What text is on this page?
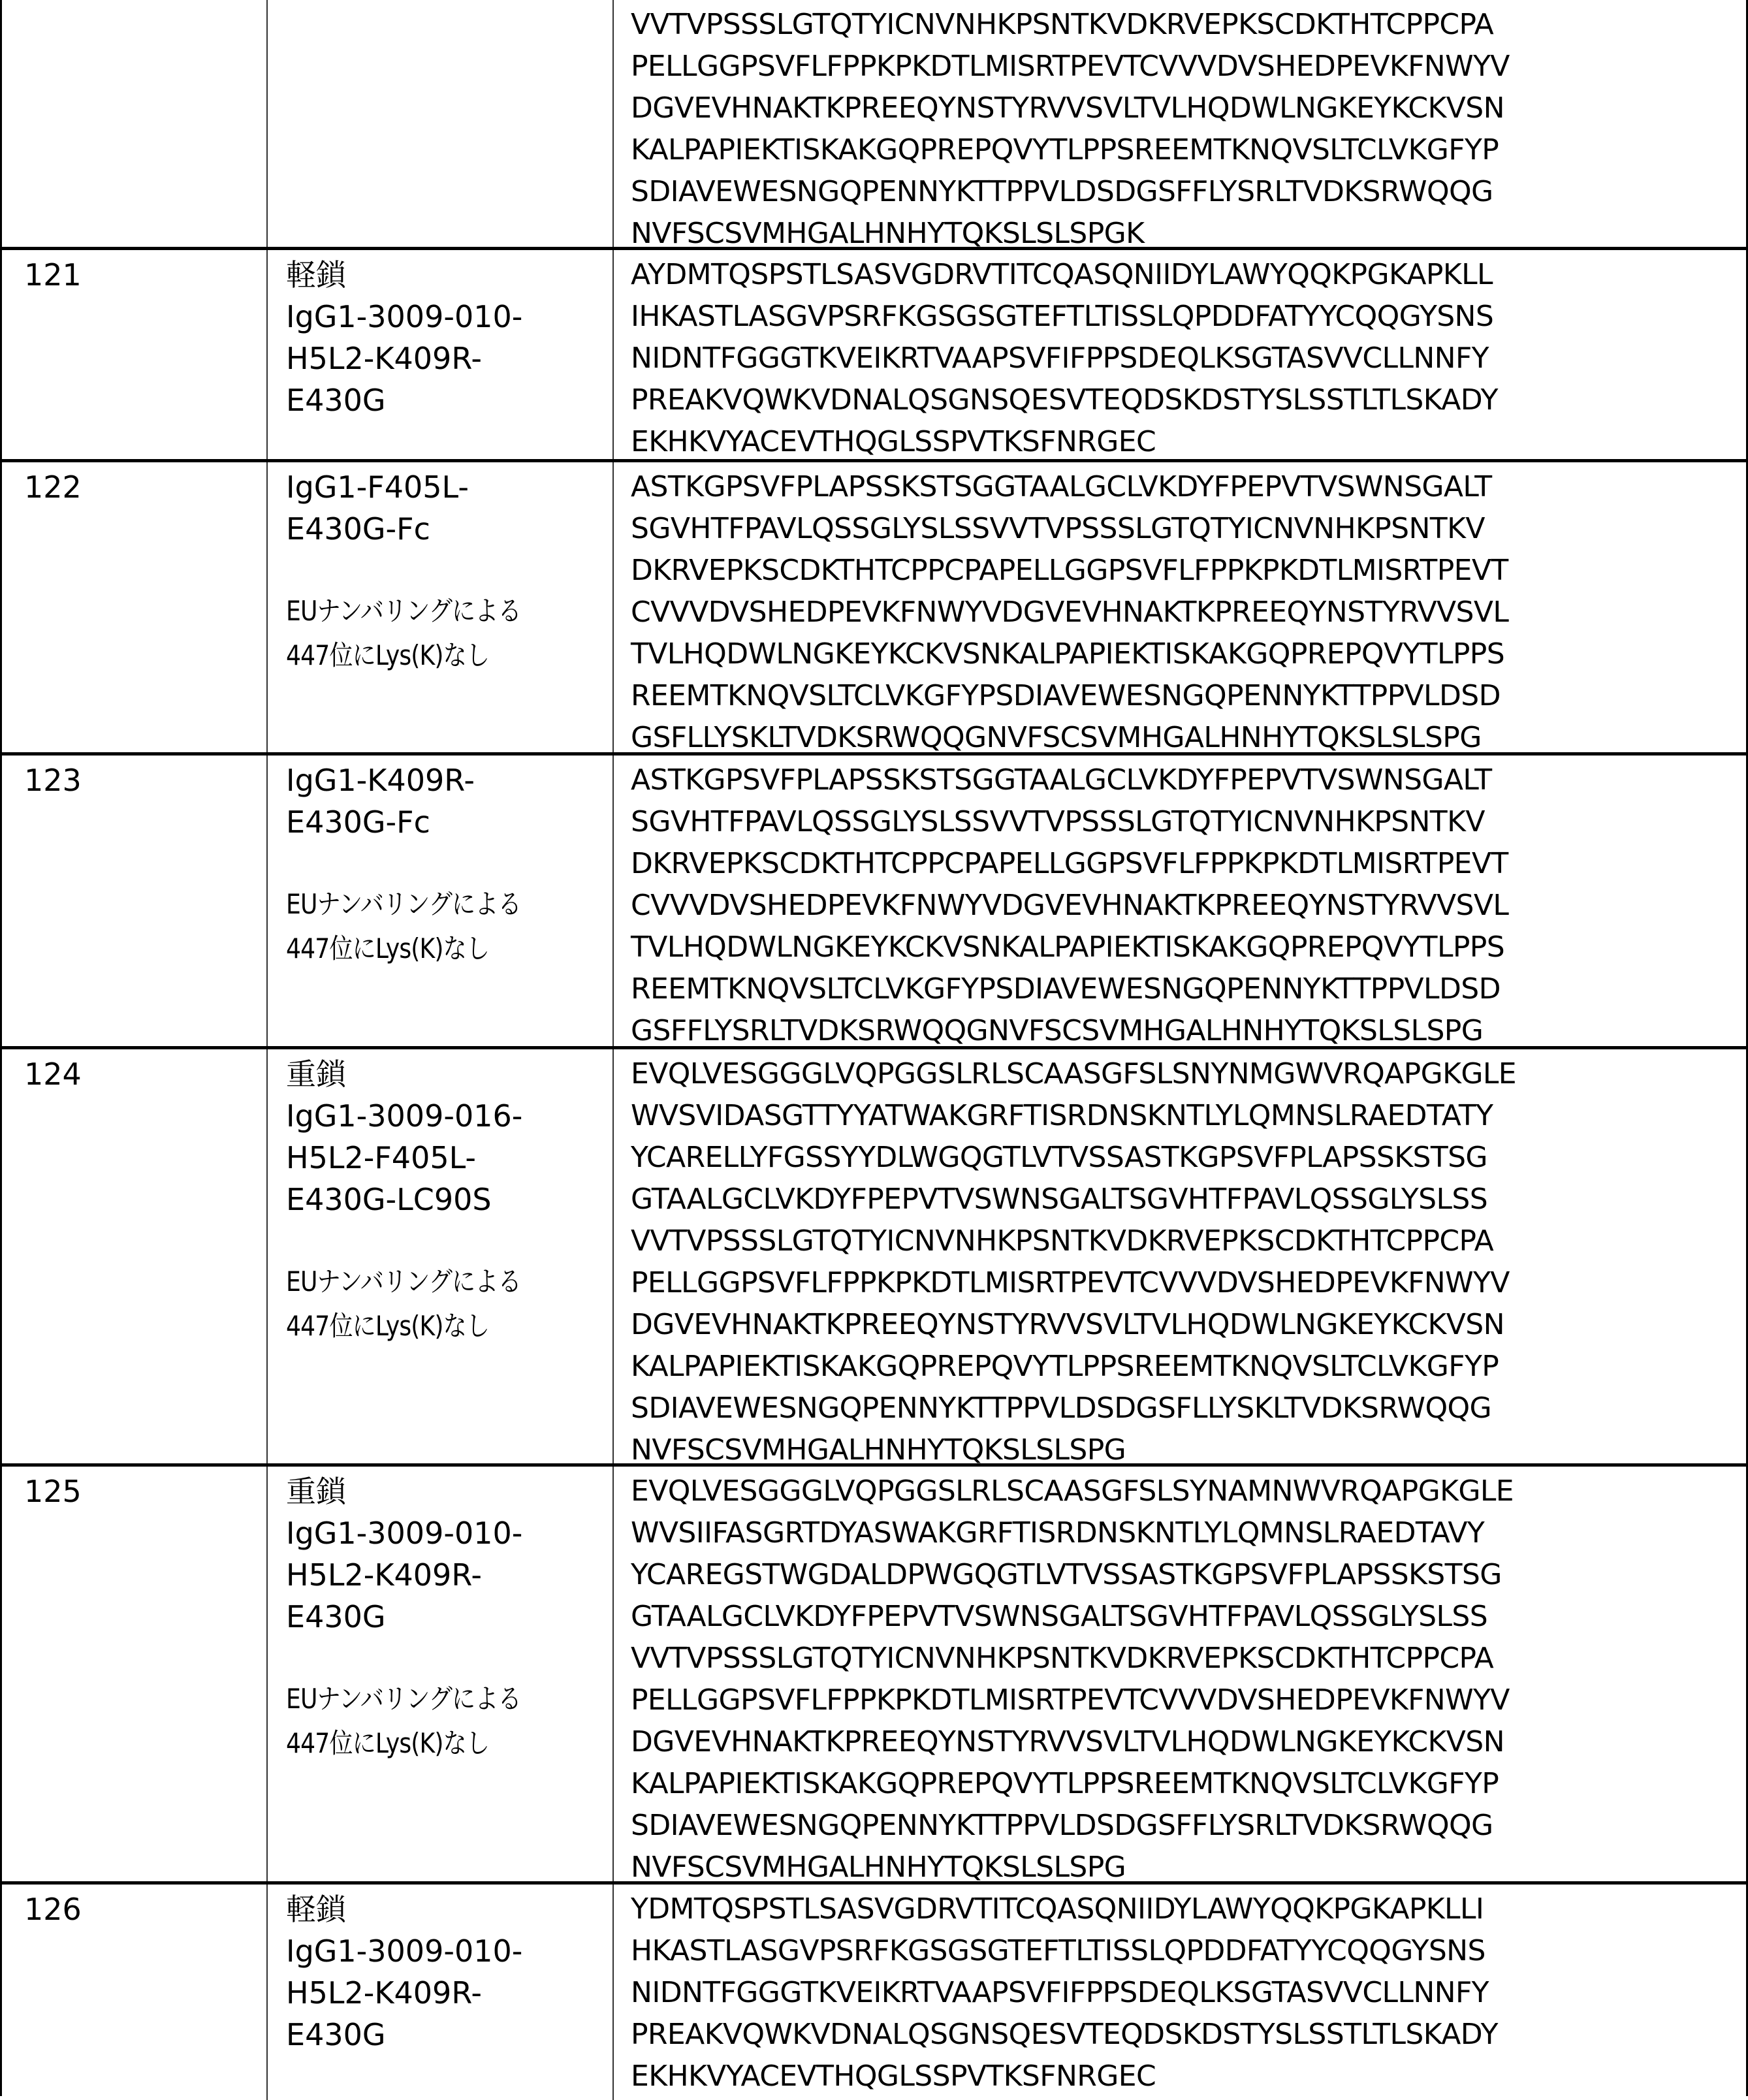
VVTVPSSSLGTQTYICNVNHKPSNTKVDKRVEPKSCDKTHTCPPCPA
PELLGGPSVFLFPPKPKDTLMISRTPEVTCVVVDVSHEDPEVKFNWYV
DGVEVHNAKTKPREEQYNSTYRVVSVLTVLHQDWLNGKEYKCKVSN
KALPAPIEKTISKAKGQPREPQVYTLPPSREEMTKNQVSLTCLVKGFYP
SDIAVEWESNGQPENNYKTTPPVLDSDGSFFLYSRLTVDKSRWQQG
NVFSCSVMHGALHNHYTQKSLSLSPGK
121	軽鎖
IgG1-3009-010-
H5L2-K409R-
E430G
AYDMTQSPSTLSASVGDRVTITCQASQNIIDYLAWYQQKPGKAPKLL
IHKASTLASGVPSRFKGSGSGTEFTLTISSLQPDDFATYYCQQGYSNS
NIDNTFGGGTKVEIKRTVAAPSVFIFPPSDEQLKSGTASVVCLLNNFY
PREAKVQWKVDNALQSGNSQESVTEQDSKDSTYSLSSTLTLSKADY
EKHKVYACEVTHQGLSSPVTKSFNRGEC
122	IgG1-F405L-
E430G-Fc
EUナンバリングによる
447位にLys(K)なし
ASTKGPSVFPLAPSSKSTSGGTAALGCLVKDYFPEPVTVSWNSGALT
SGVHTFPAVLQSSGLYSLSSVVTVPSSSLGTQTYICNVNHKPSNTKV
DKRVEPKSCDKTHTCPPCPAPELLGGPSVFLFPPKPKDTLMISRTPEVT
CVVVDVSHEDPEVKFNWYVDGVEVHNAKTKPREEQYNSTYRVVSVL
TVLHQDWLNGKEYKCKVSNKALPAPIEKTISKAKGQPREPQVYTLPPS
REEMTKNQVSLTCLVKGFYPSDIAVEWESNGQPENNYKTTPPVLDSD
GSFLLYSKLTVDKSRWQQGNVFSCSVMHGALHNHYTQKSLSLSPG
123	IgG1-K409R-
E430G-Fc
EUナンバリングによる
447位にLys(K)なし
ASTKGPSVFPLAPSSKSTSGGTAALGCLVKDYFPEPVTVSWNSGALT
SGVHTFPAVLQSSGLYSLSSVVTVPSSSLGTQTYICNVNHKPSNTKV
DKRVEPKSCDKTHTCPPCPAPELLGGPSVFLFPPKPKDTLMISRTPEVT
CVVVDVSHEDPEVKFNWYVDGVEVHNAKTKPREEQYNSTYRVVSVL
TVLHQDWLNGKEYKCKVSNKALPAPIEKTISKAKGQPREPQVYTLPPS
REEMTKNQVSLTCLVKGFYPSDIAVEWESNGQPENNYKTTPPVLDSD
GSFFLYSRLTVDKSRWQQGNVFSCSVMHGALHNHYTQKSLSLSPG
124	重鎖
IgG1-3009-016-
H5L2-F405L-
E430G-LC90S
EUナンバリングによる
447位にLys(K)なし
EVQLVESGGGLVQPGGSLRLSCAASGFSLSNYNMGWVRQAPGKGLE
WVSVIDASGTTYYATWAKGRFTISRDNSKNTLYLQMNSLRAEDTATY
YCARELLYFGSSYYDLWGQGTLVTVSSASTKGPSVFPLAPSSKSTSG
GTAALGCLVKDYFPEPVTVSWNSGALTSGVHTFPAVLQSSGLYSLSS
VVTVPSSSLGTQTYICNVNHKPSNTKVDKRVEPKSCDKTHTCPPCPA
PELLGGPSVFLFPPKPKDTLMISRTPEVTCVVVDVSHEDPEVKFNWYV
DGVEVHNAKTKPREEQYNSTYRVVSVLTVLHQDWLNGKEYKCKVSN
KALPAPIEKTISKAKGQPREPQVYTLPPSREEMTKNQVSLTCLVKGFYP
SDIAVEWESNGQPENNYKTTPPVLDSDGSFLLYSKLTVDKSRWQQG
NVFSCSVMHGALHNHYTQKSLSLSPG
125	重鎖
IgG1-3009-010-
H5L2-K409R-
E430G
EUナンバリングによる
447位にLys(K)なし
EVQLVESGGGLVQPGGSLRLSCAASGFSLSYNAMNWVRQAPGKGLE
WVSIIFASGRTDYASWAKGRFTISRDNSKNTLYLQMNSLRAEDTAVY
YCAREGSTWGDALDPWGQGTLVTVSSASTKGPSVFPLAPSSKSTSG
GTAALGCLVKDYFPEPVTVSWNSGALTSGVHTFPAVLQSSGLYSLSS
VVTVPSSSLGTQTYICNVNHKPSNTKVDKRVEPKSCDKTHTCPPCPA
PELLGGPSVFLFPPKPKDTLMISRTPEVTCVVVDVSHEDPEVKFNWYV
DGVEVHNAKTKPREEQYNSTYRVVSVLTVLHQDWLNGKEYKCKVSN
KALPAPIEKTISKAKGQPREPQVYTLPPSREEMTKNQVSLTCLVKGFYP
SDIAVEWESNGQPENNYKTTPPVLDSDGSFFLYSRLTVDKSRWQQG
NVFSCSVMHGALHNHYTQKSLSLSPG
126	軽鎖
IgG1-3009-010-
H5L2-K409R-
E430G
YDMTQSPSTLSASVGDRVTITCQASQNIIDYLAWYQQKPGKAPKLLI
HKASTLASGVPSRFKGSGSGTEFTLTISSLQPDDFATYYCQQGYSNS
NIDNTFGGGTKVEIKRTVAAPSVFIFPPSDEQLKSGTASVVCLLNNFY
PREAKVQWKVDNALQSGNSQESVTEQDSKDSTYSLSSTLTLSKADY
EKHKVYACEVTHQGLSSPVTKSFNRGEC
